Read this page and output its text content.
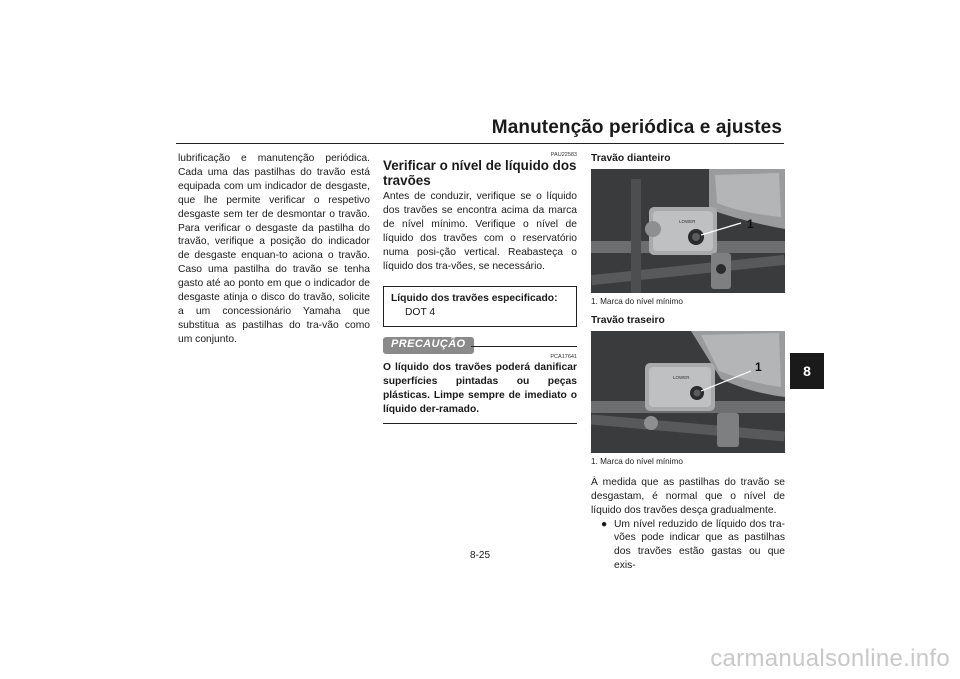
Manutenção periódica e ajustes
8
lubrificação e manutenção periódica. Cada uma das pastilhas do travão está equipada com um indicador de desgaste, que lhe permite verificar o respetivo desgaste sem ter de desmontar o travão. Para verificar o desgaste da pastilha do travão, verifique a posição do indicador de desgaste enquan-to aciona o travão. Caso uma pastilha do travão se tenha gasto até ao ponto em que o indicador de desgaste atinja o disco do travão, solicite a um concessionário Yamaha que substitua as pastilhas do tra-vão como um conjunto.
PAU22583
Verificar o nível de líquido dos travões
Antes de conduzir, verifique se o líquido dos travões se encontra acima da marca de nível mínimo. Verifique o nível de líquido dos travões com o reservatório numa posi-ção vertical. Reabasteça o líquido dos tra-vões, se necessário.
Líquido dos travões especificado:
DOT 4
PRECAUÇÃO
PCA17641
O líquido dos travões poderá danificar superfícies pintadas ou peças plásticas. Limpe sempre de imediato o líquido der-ramado.
Travão dianteiro
LOWER	1
1. Marca do nível mínimo
Travão traseiro
LOWER
1
1. Marca do nível mínimo
À medida que as pastilhas do travão se desgastam, é normal que o nível de líquido dos travões desça gradualmente.
● Um nível reduzido de líquido dos tra-vões pode indicar que as pastilhas dos travões estão gastas ou que exis-
8-25
carmanualsonline.info
